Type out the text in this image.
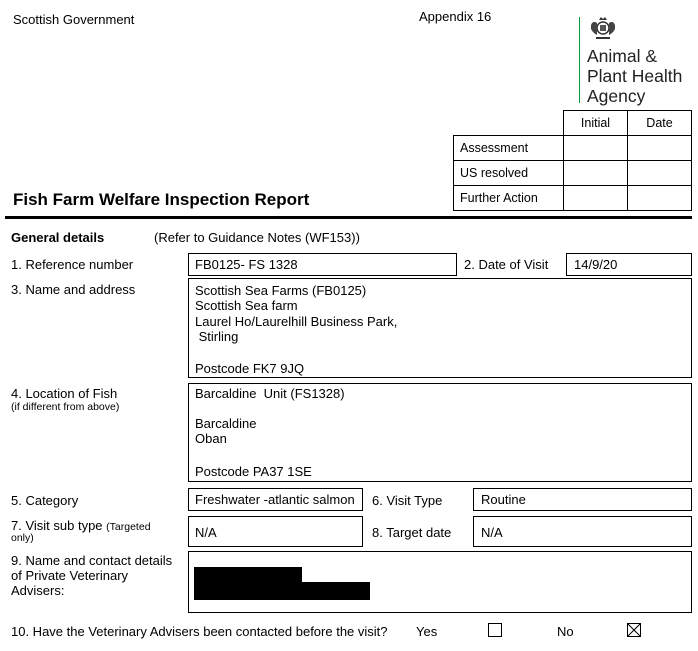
Scottish Government	Appendix 16
Animal &
Plant Health
Agency
	Initial	Date
Assessment		
US resolved		
Further Action		
Fish Farm Welfare Inspection Report
General details	(Refer to Guidance Notes (WF153))
1. Reference number	FB0125- FS 1328	2. Date of Visit 14/9/20
3. Name and address	Scottish Sea Farms (FB0125)
Scottish Sea farm
Laurel Ho/Laurelhill Business Park,
Stirling
Postcode FK7 9JQ
4. Location of Fish
(if different from above)
Barcaldine  Unit (FS1328)
Barcaldine
Oban
Postcode PA37 1SE
5. Category	Freshwater -atlantic salmon 6. Visit Type	Routine
7. Visit sub type (Targeted
only)	N/A	8. Target date N/A
9. Name and contact details
of Private Veterinary
Advisers:
10. Have the Veterinary Advisers been contacted before the visit? Yes	No
